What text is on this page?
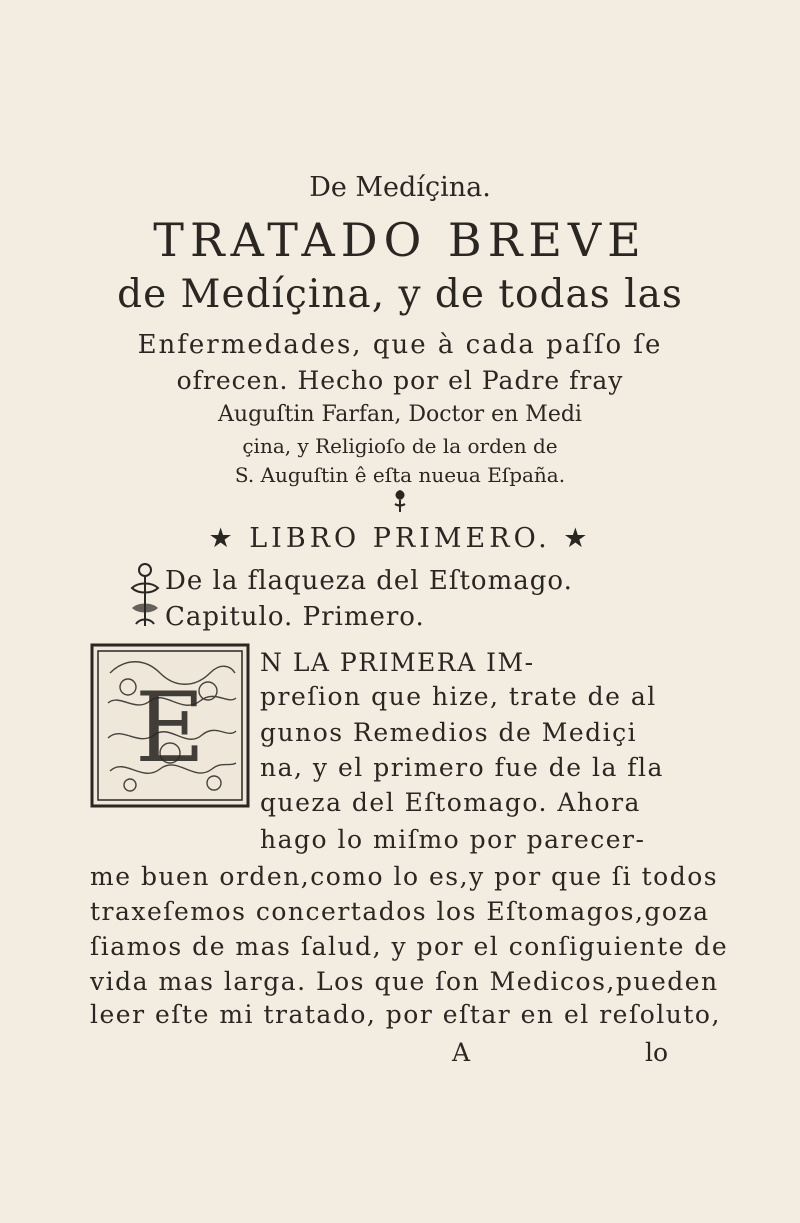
De Medíçina.
TRATADO BREVE
de Medíçina, y de todas las
Enfermedades, que à cada paſſo ſe
ofrecen. Hecho por el Padre fray
Auguſtin Farfan, Doctor en Medi
çina, y Religioſo de la orden de
S. Auguſtin ê eſta nueua Eſpaña.
★ LIBRO PRIMERO. ★
De la flaqueza del Eſtomago.
Capitulo. Primero.
E
N LA PRIMERA IM-
preſion que hize, trate de al
gunos Remedios de Mediçi
na, y el primero fue de la fla
queza del Eſtomago. Ahora
hago lo miſmo por parecer-
me buen orden,como lo es,y por que ſi todos
traxeſemos concertados los Eſtomagos,goza
ſiamos de mas ſalud, y por el conſiguiente de
vida mas larga. Los que ſon Medicos,pueden
leer eſte mi tratado, por eſtar en el reſoluto,
A	lo
